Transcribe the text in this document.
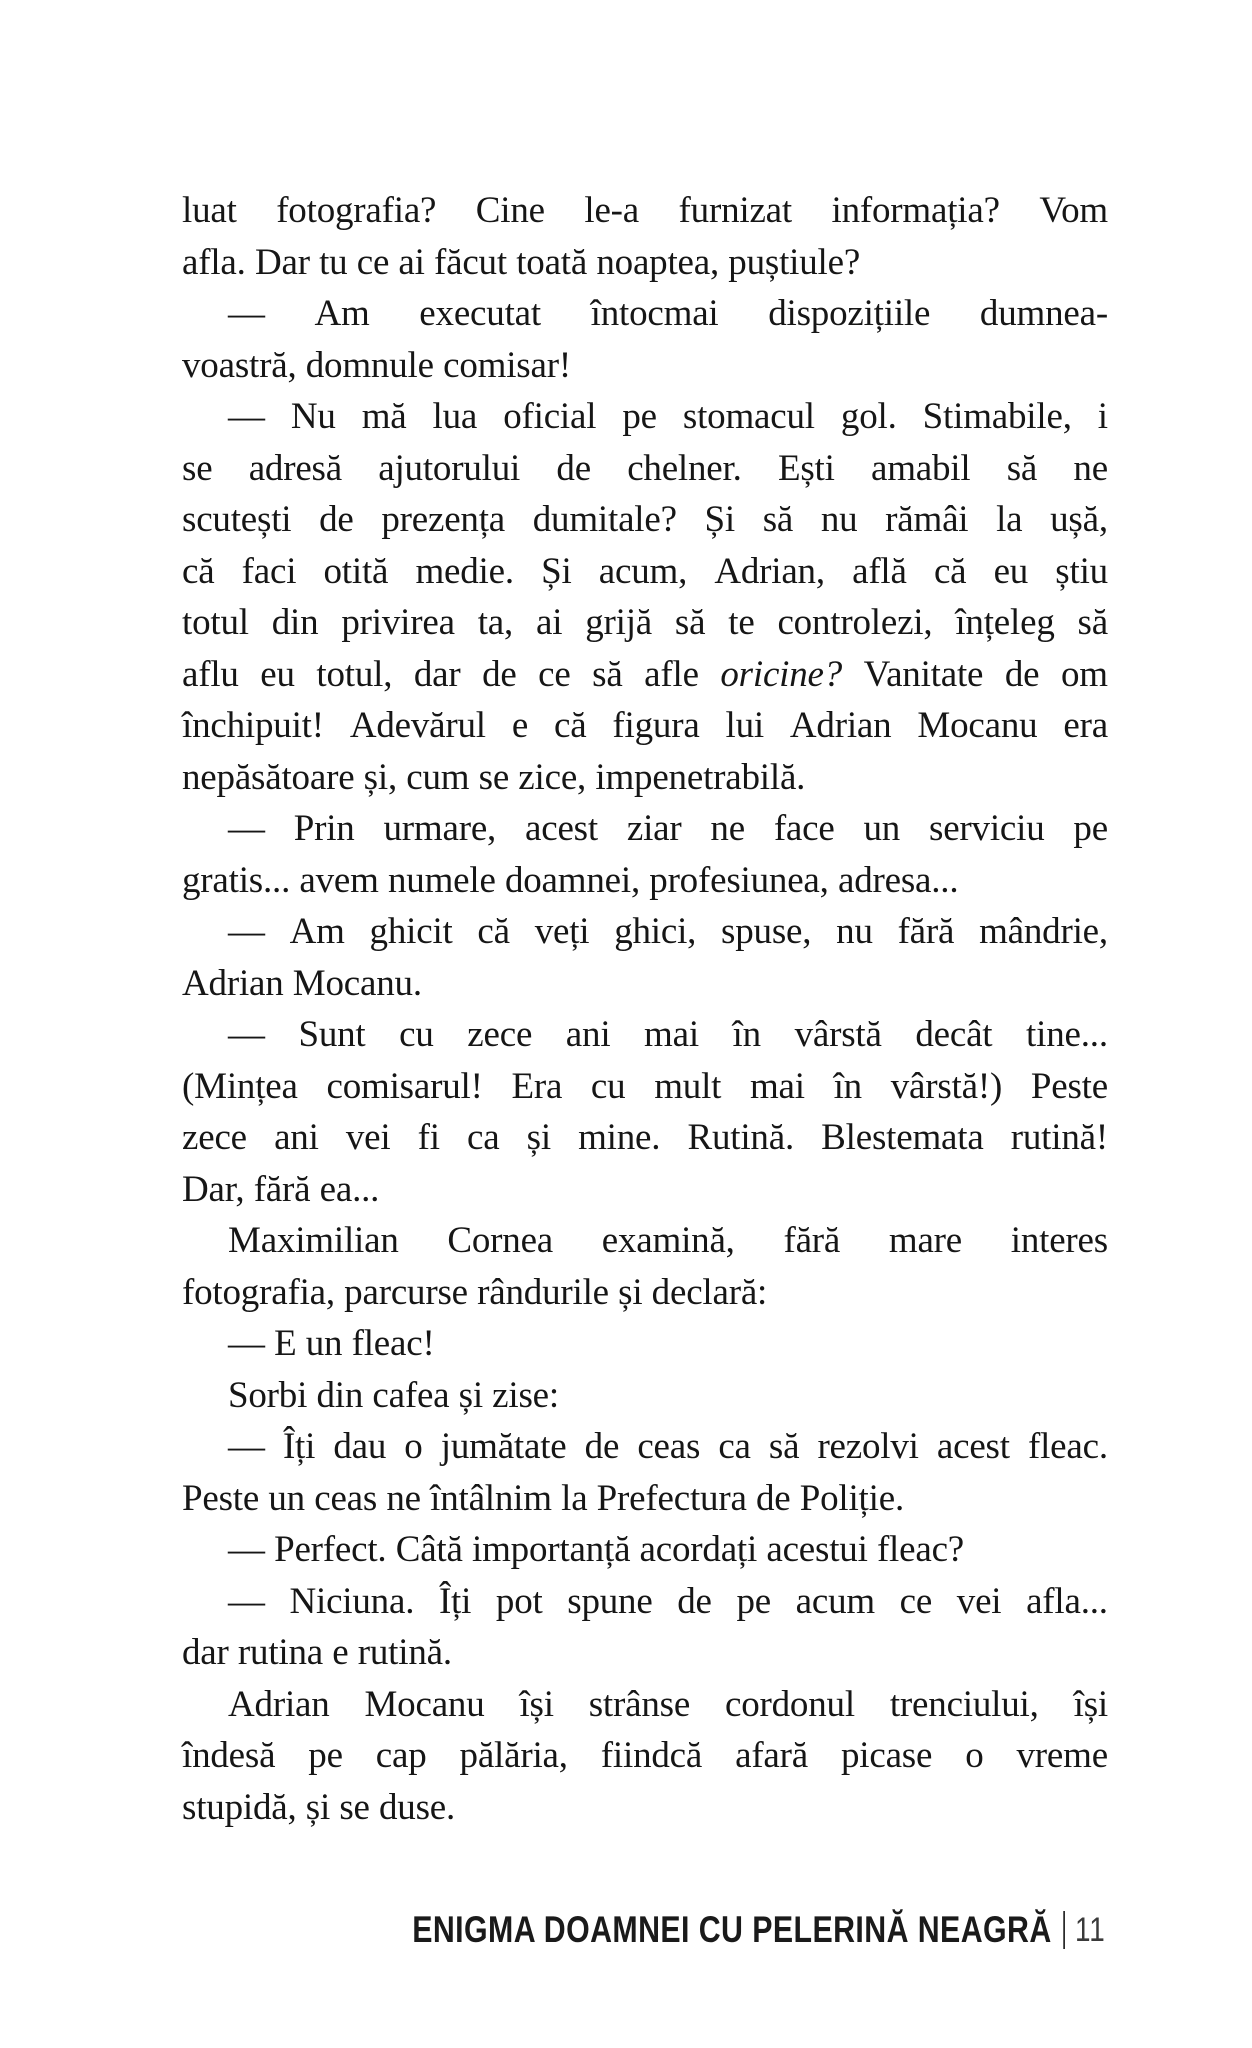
luat fotografia? Cine le-a furnizat informația? Vom
afla. Dar tu ce ai făcut toată noaptea, puștiule?
— Am executat întocmai dispozițiile dumnea-
voastră, domnule comisar!
— Nu mă lua oficial pe stomacul gol. Stimabile, i
se adresă ajutorului de chelner. Ești amabil să ne
scutești de prezența dumitale? Și să nu rămâi la ușă,
că faci otită medie. Și acum, Adrian, află că eu știu
totul din privirea ta, ai grijă să te controlezi, înțeleg să
aflu eu totul, dar de ce să afle oricine? Vanitate de om
închipuit! Adevărul e că figura lui Adrian Mocanu era
nepăsătoare și, cum se zice, impenetrabilă.
— Prin urmare, acest ziar ne face un serviciu pe
gratis... avem numele doamnei, profesiunea, adresa...
— Am ghicit că veți ghici, spuse, nu fără mândrie,
Adrian Mocanu.
— Sunt cu zece ani mai în vârstă decât tine...
(Mințea comisarul! Era cu mult mai în vârstă!) Peste
zece ani vei fi ca și mine. Rutină. Blestemata rutină!
Dar, fără ea...
Maximilian Cornea examină, fără mare interes
fotografia, parcurse rândurile și declară:
— E un fleac!
Sorbi din cafea și zise:
— Îți dau o jumătate de ceas ca să rezolvi acest fleac.
Peste un ceas ne întâlnim la Prefectura de Poliție.
— Perfect. Câtă importanță acordați acestui fleac?
— Niciuna. Îți pot spune de pe acum ce vei afla...
dar rutina e rutină.
Adrian Mocanu își strânse cordonul trenciului, își
îndesă pe cap pălăria, fiindcă afară picase o vreme
stupidă, și se duse.
ENIGMA DOAMNEI CU PELERINĂ NEAGRĂ 11
